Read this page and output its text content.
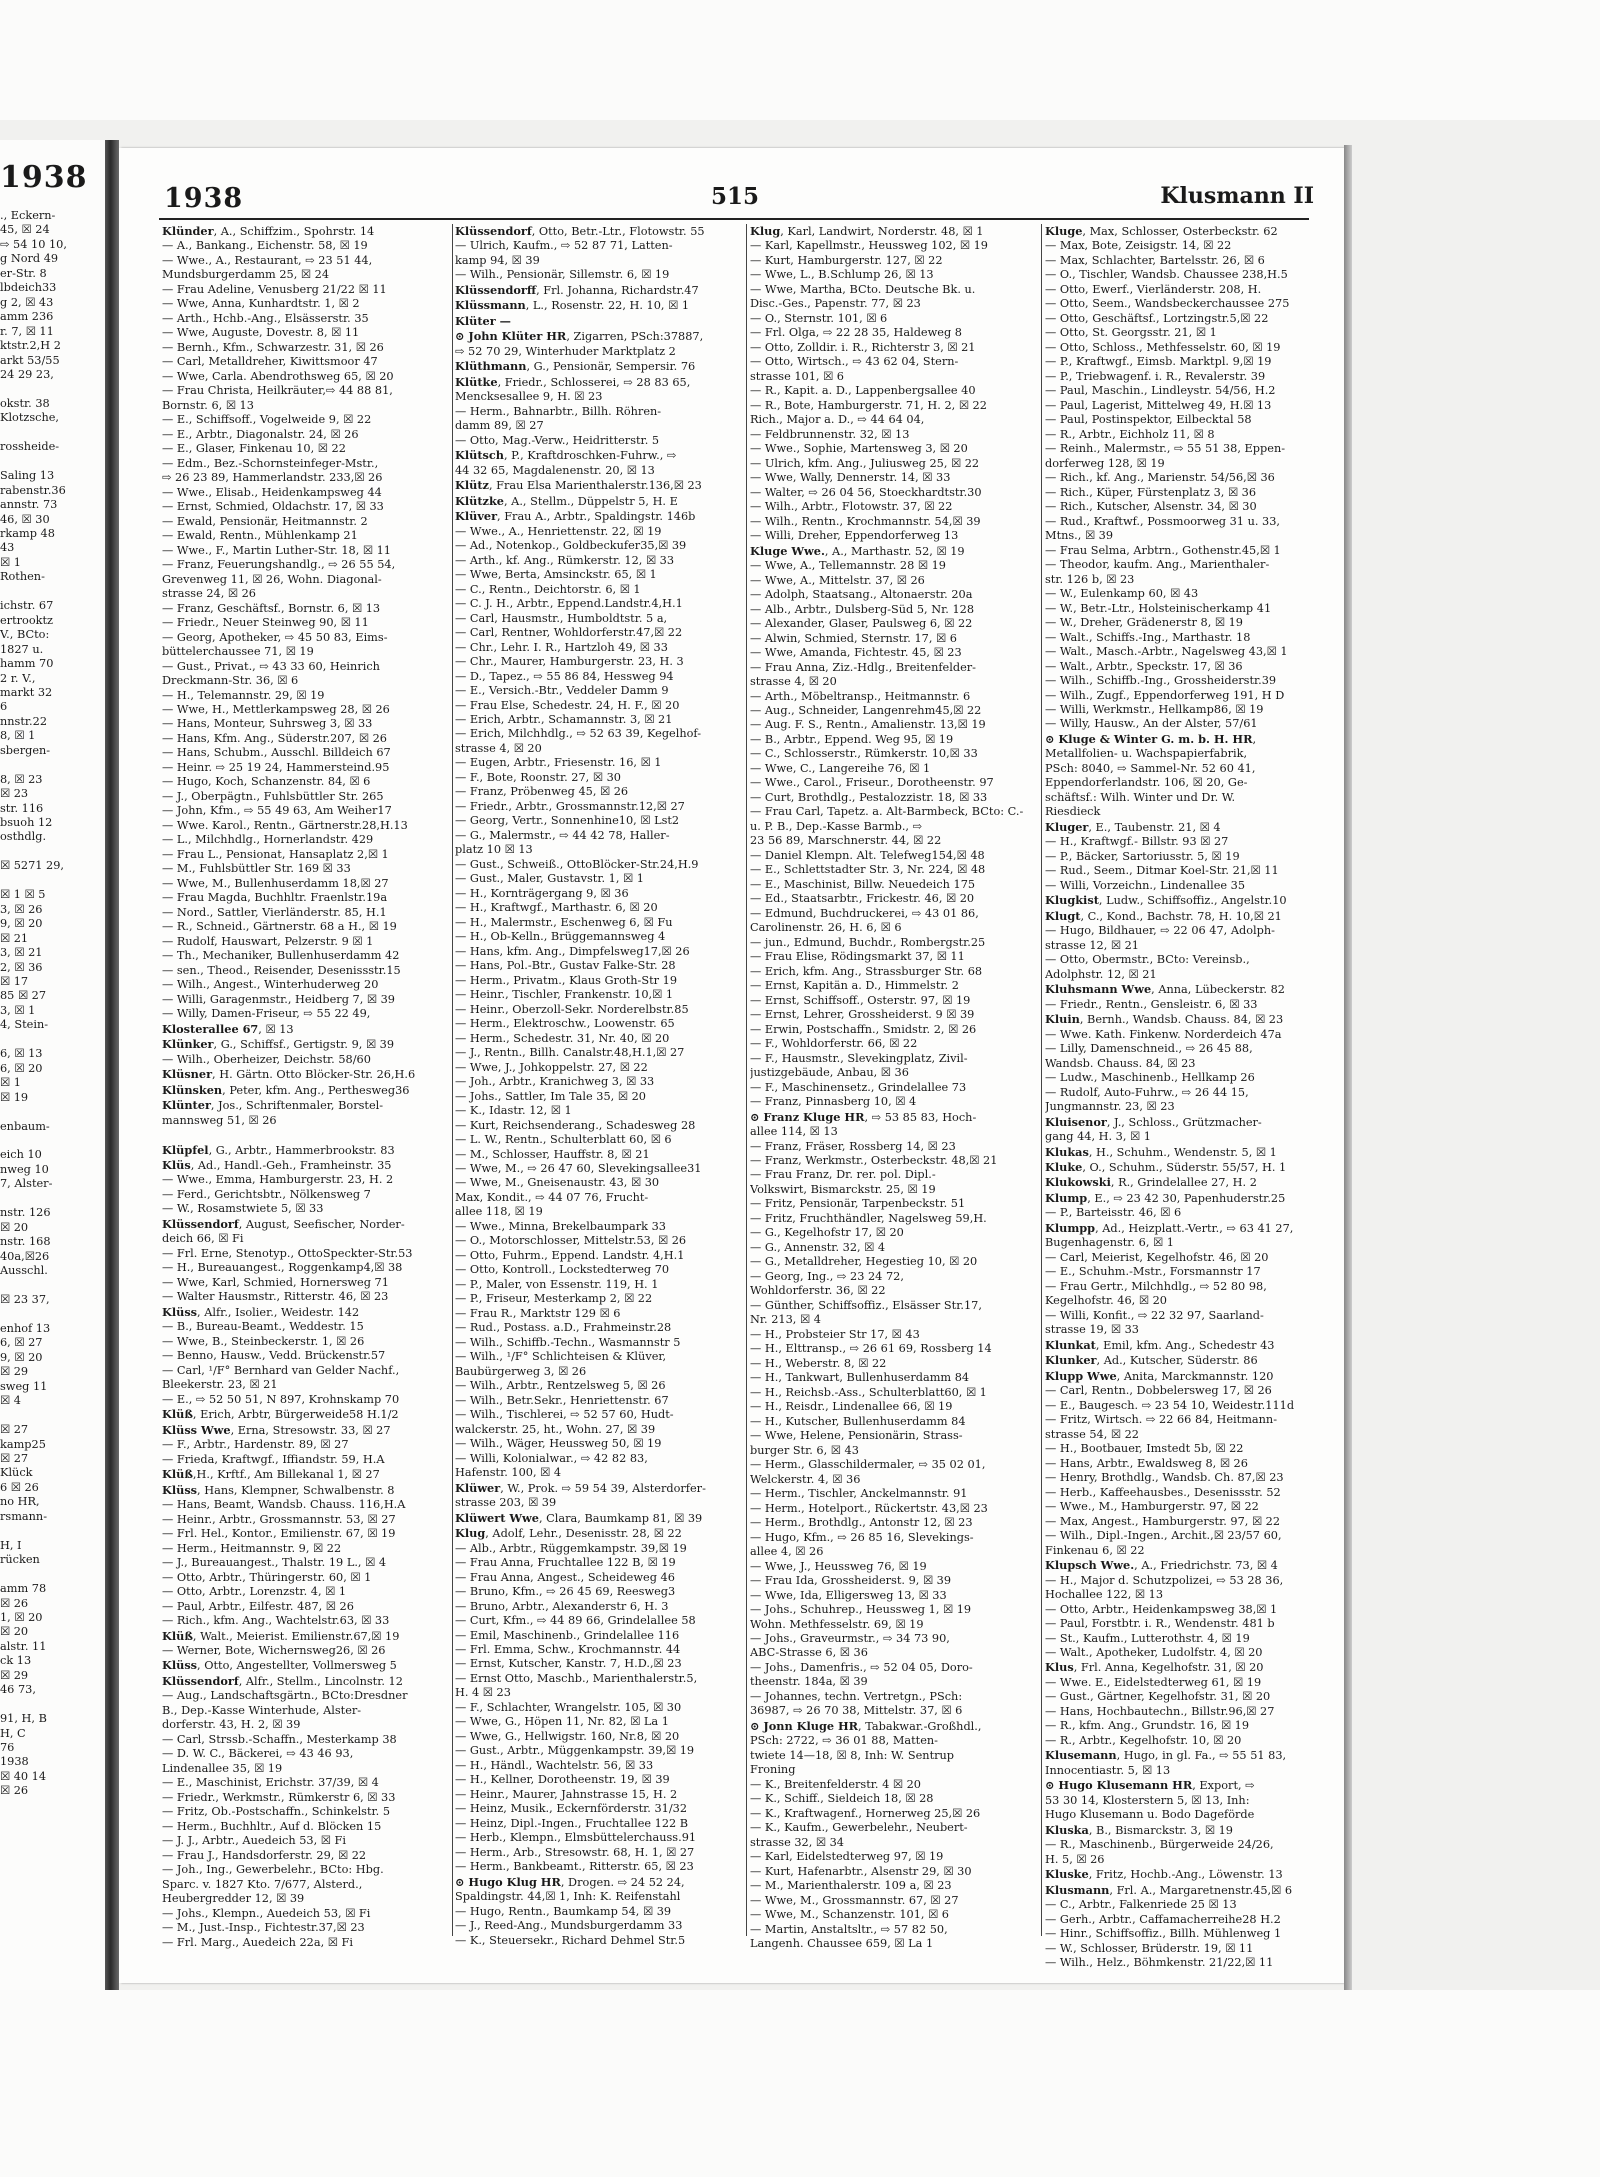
1938
., Eckern-
45, ☒ 24
⇨ 54 10 10,
g Nord 49
er-Str. 8
lbdeich33
g 2, ☒ 43
amm 236
r. 7, ☒ 11
ktstr.2,H 2
arkt 53/55
24 29 23,

okstr. 38
Klotzsche,

rossheide-

Saling 13
rabenstr.36
annstr. 73
46, ☒ 30
rkamp 48
43
☒ 1
Rothen-

ichstr. 67
ertrooktz
V., BCto:
1827 u.
hamm 70
2 r. V.,
markt 32
6
nnstr.22
8, ☒ 1
sbergen-

8, ☒ 23
☒ 23
str. 116
bsuoh 12
osthdlg.

☒ 5271 29,

☒ 1 ☒ 5
3, ☒ 26
9, ☒ 20
☒ 21
3, ☒ 21
2, ☒ 36
☒ 17
85 ☒ 27
3, ☒ 1
4, Stein-

6, ☒ 13
6, ☒ 20
☒ 1
☒ 19

enbaum-

eich 10
nweg 10
7, Alster-

nstr. 126
☒ 20
nstr. 168
40a,☒26
Ausschl.

☒ 23 37,

enhof 13
6, ☒ 27
9, ☒ 20
☒ 29
sweg 11
☒ 4

☒ 27
kamp25
☒ 27
Klück
6 ☒ 26
no HR,
rsmann-

H, I
rücken

amm 78
☒ 26
1, ☒ 20
☒ 20
alstr. 11
ck 13
☒ 29
46 73,

91, H, B
H, C
76
1938
☒ 40 14
☒ 26
1938	515	Klusmann II
Klünder, A., Schiffzim., Spohrstr. 14
— A., Bankang., Eichenstr. 58, ☒ 19
— Wwe., A., Restaurant, ⇨ 23 51 44,
Mundsburgerdamm 25, ☒ 24
— Frau Adeline, Venusberg 21/22 ☒ 11
— Wwe, Anna, Kunhardtstr. 1, ☒ 2
— Arth., Hchb.-Ang., Elsässerstr. 35
— Wwe, Auguste, Dovestr. 8, ☒ 11
— Bernh., Kfm., Schwarzestr. 31, ☒ 26
— Carl, Metalldreher, Kiwittsmoor 47
— Wwe, Carla. Abendrothsweg 65, ☒ 20
— Frau Christa, Heilkräuter,⇨ 44 88 81,
Bornstr. 6, ☒ 13
— E., Schiffsoff., Vogelweide 9, ☒ 22
— E., Arbtr., Diagonalstr. 24, ☒ 26
— E., Glaser, Finkenau 10, ☒ 22
— Edm., Bez.-Schornsteinfeger-Mstr.,
⇨ 26 23 89, Hammerlandstr. 233,☒ 26
— Wwe., Elisab., Heidenkampsweg 44
— Ernst, Schmied, Oldachstr. 17, ☒ 33
— Ewald, Pensionär, Heitmannstr. 2
— Ewald, Rentn., Mühlenkamp 21
— Wwe., F., Martin Luther-Str. 18, ☒ 11
— Franz, Feuerungshandlg., ⇨ 26 55 54,
Grevenweg 11, ☒ 26, Wohn. Diagonal-
strasse 24, ☒ 26
— Franz, Geschäftsf., Bornstr. 6, ☒ 13
— Friedr., Neuer Steinweg 90, ☒ 11
— Georg, Apotheker, ⇨ 45 50 83, Eims-
büttelerchaussee 71, ☒ 19
— Gust., Privat., ⇨ 43 33 60, Heinrich
Dreckmann-Str. 36, ☒ 6
— H., Telemannstr. 29, ☒ 19
— Wwe, H., Mettlerkampsweg 28, ☒ 26
— Hans, Monteur, Suhrsweg 3, ☒ 33
— Hans, Kfm. Ang., Süderstr.207, ☒ 26
— Hans, Schubm., Ausschl. Billdeich 67
— Heinr. ⇨ 25 19 24, Hammersteind.95
— Hugo, Koch, Schanzenstr. 84, ☒ 6
— J., Oberpägtn., Fuhlsbüttler Str. 265
— John, Kfm., ⇨ 55 49 63, Am Weiher17
— Wwe. Karol., Rentn., Gärtnerstr.28,H.13
— L., Milchhdlg., Hornerlandstr. 429
— Frau L., Pensionat, Hansaplatz 2,☒ 1
— M., Fuhlsbüttler Str. 169 ☒ 33
— Wwe, M., Bullenhuserdamm 18,☒ 27
— Frau Magda, Buchhltr. Fraenlstr.19a
— Nord., Sattler, Vierländerstr. 85, H.1
— R., Schneid., Gärtnerstr. 68 a H., ☒ 19
— Rudolf, Hauswart, Pelzerstr. 9 ☒ 1
— Th., Mechaniker, Bullenhuserdamm 42
— sen., Theod., Reisender, Desenissstr.15
— Wilh., Angest., Winterhuderweg 20
— Willi, Garagenmstr., Heidberg 7, ☒ 39
— Willy, Damen-Friseur, ⇨ 55 22 49,
Klosterallee 67, ☒ 13
Klünker, G., Schiffsf., Gertigstr. 9, ☒ 39
— Wilh., Oberheizer, Deichstr. 58/60
Klüsner, H. Gärtn. Otto Blöcker-Str. 26,H.6
Klünsken, Peter, kfm. Ang., Perthesweg36
Klünter, Jos., Schriftenmaler, Borstel-
mannsweg 51, ☒ 26

Klüpfel, G., Arbtr., Hammerbrookstr. 83
Klüs, Ad., Handl.-Geh., Framheinstr. 35
— Wwe., Emma, Hamburgerstr. 23, H. 2
— Ferd., Gerichtsbtr., Nölkensweg 7
— W., Rosamstwiete 5, ☒ 33
Klüssendorf, August, Seefischer, Norder-
deich 66, ☒ Fi
— Frl. Erne, Stenotyp., OttoSpeckter-Str.53
— H., Bureauangest., Roggenkamp4,☒ 38
— Wwe, Karl, Schmied, Hornersweg 71
— Walter Hausmstr., Ritterstr. 46, ☒ 23
Klüss, Alfr., Isolier., Weidestr. 142
— B., Bureau-Beamt., Weddestr. 15
— Wwe, B., Steinbeckerstr. 1, ☒ 26
— Benno, Hausw., Vedd. Brückenstr.57
— Carl, ¹/F° Bernhard van Gelder Nachf.,
Bleekerstr. 23, ☒ 21
— E., ⇨ 52 50 51, N 897, Krohnskamp 70
Klüß, Erich, Arbtr, Bürgerweide58 H.1/2
Klüss Wwe, Erna, Stresowstr. 33, ☒ 27
— F., Arbtr., Hardenstr. 89, ☒ 27
— Frieda, Kraftwgf., Iffiandstr. 59, H.A
Klüß,H., Krftf., Am Billekanal 1, ☒ 27
Klüss, Hans, Klempner, Schwalbenstr. 8
— Hans, Beamt, Wandsb. Chauss. 116,H.A
— Heinr., Arbtr., Grossmannstr. 53, ☒ 27
— Frl. Hel., Kontor., Emilienstr. 67, ☒ 19
— Herm., Heitmannstr. 9, ☒ 22
— J., Bureauangest., Thalstr. 19 L., ☒ 4
— Otto, Arbtr., Thüringerstr. 60, ☒ 1
— Otto, Arbtr., Lorenzstr. 4, ☒ 1
— Paul, Arbtr., Eilfestr. 487, ☒ 26
— Rich., kfm. Ang., Wachtelstr.63, ☒ 33
Klüß, Walt., Meierist. Emilienstr.67,☒ 19
— Werner, Bote, Wichernsweg26, ☒ 26
Klüss, Otto, Angestellter, Vollmersweg 5
Klüssendorf, Alfr., Stellm., Lincolnstr. 12
— Aug., Landschaftsgärtn., BCto:Dresdner
B., Dep.-Kasse Winterhude, Alster-
dorferstr. 43, H. 2, ☒ 39
— Carl, Strssb.-Schaffn., Mesterkamp 38
— D. W. C., Bäckerei, ⇨ 43 46 93,
Lindenallee 35, ☒ 19
— E., Maschinist, Erichstr. 37/39, ☒ 4
— Friedr., Werkmstr., Rümkerstr 6, ☒ 33
— Fritz, Ob.-Postschaffn., Schinkelstr. 5
— Herm., Buchhltr., Auf d. Blöcken 15
— J. J., Arbtr., Auedeich 53, ☒ Fi
— Frau J., Handsdorferstr. 29, ☒ 22
— Joh., Ing., Gewerbelehr., BCto: Hbg.
Sparc. v. 1827 Kto. 7/677, Alsterd.,
Heubergredder 12, ☒ 39
— Johs., Klempn., Auedeich 53, ☒ Fi
— M., Just.-Insp., Fichtestr.37,☒ 23
— Frl. Marg., Auedeich 22a, ☒ Fi
Klüssendorf, Otto, Betr.-Ltr., Flotowstr. 55
— Ulrich, Kaufm., ⇨ 52 87 71, Latten-
kamp 94, ☒ 39
— Wilh., Pensionär, Sillemstr. 6, ☒ 19
Klüssendorff, Frl. Johanna, Richardstr.47
Klüssmann, L., Rosenstr. 22, H. 10, ☒ 1
Klüter —
⊙ John Klüter HR, Zigarren, PSch:37887,
⇨ 52 70 29, Winterhuder Marktplatz 2
Klüthmann, G., Pensionär, Sempersir. 76
Klütke, Friedr., Schlosserei, ⇨ 28 83 65,
Mencksesallee 9, H. ☒ 23
— Herm., Bahnarbtr., Billh. Röhren-
damm 89, ☒ 27
— Otto, Mag.-Verw., Heidritterstr. 5
Klütsch, P., Kraftdroschken-Fuhrw., ⇨
44 32 65, Magdalenenstr. 20, ☒ 13
Klütz, Frau Elsa Marienthalerstr.136,☒ 23
Klützke, A., Stellm., Düppelstr 5, H. E
Klüver, Frau A., Arbtr., Spaldingstr. 146b
— Wwe., A., Henriettenstr. 22, ☒ 19
— Ad., Notenkop., Goldbeckufer35,☒ 39
— Arth., kf. Ang., Rümkerstr. 12, ☒ 33
— Wwe, Berta, Amsinckstr. 65, ☒ 1
— C., Rentn., Deichtorstr. 6, ☒ 1
— C. J. H., Arbtr., Eppend.Landstr.4,H.1
— Carl, Hausmstr., Humboldtstr. 5 a,
— Carl, Rentner, Wohldorferstr.47,☒ 22
— Chr., Lehr. I. R., Hartzloh 49, ☒ 33
— Chr., Maurer, Hamburgerstr. 23, H. 3
— D., Tapez., ⇨ 55 86 84, Hessweg 94
— E., Versich.-Btr., Veddeler Damm 9
— Frau Else, Schedestr. 24, H. F., ☒ 20
— Erich, Arbtr., Schamannstr. 3, ☒ 21
— Erich, Milchhdlg., ⇨ 52 63 39, Kegelhof-
strasse 4, ☒ 20
— Eugen, Arbtr., Friesenstr. 16, ☒ 1
— F., Bote, Roonstr. 27, ☒ 30
— Franz, Pröbenweg 45, ☒ 26
— Friedr., Arbtr., Grossmannstr.12,☒ 27
— Georg, Vertr., Sonnenhine10, ☒ Lst2
— G., Malermstr., ⇨ 44 42 78, Haller-
platz 10 ☒ 13
— Gust., Schweiß., OttoBlöcker-Str.24,H.9
— Gust., Maler, Gustavstr. 1, ☒ 1
— H., Kornträgergang 9, ☒ 36
— H., Kraftwgf., Marthastr. 6, ☒ 20
— H., Malermstr., Eschenweg 6, ☒ Fu
— H., Ob-Kelln., Brüggemannsweg 4
— Hans, kfm. Ang., Dimpfelsweg17,☒ 26
— Hans, Pol.-Btr., Gustav Falke-Str. 28
— Herm., Privatm., Klaus Groth-Str 19
— Heinr., Tischler, Frankenstr. 10,☒ 1
— Heinr., Oberzoll-Sekr. Norderelbstr.85
— Herm., Elektroschw., Loowenstr. 65
— Herm., Schedestr. 31, Nr. 40, ☒ 20
— J., Rentn., Billh. Canalstr.48,H.1,☒ 27
— Wwe, J., Johkoppelstr. 27, ☒ 22
— Joh., Arbtr., Kranichweg 3, ☒ 33
— Johs., Sattler, Im Tale 35, ☒ 20
— K., Idastr. 12, ☒ 1
— Kurt, Reichsenderang., Schadesweg 28
— L. W., Rentn., Schulterblatt 60, ☒ 6
— M., Schlosser, Hauffstr. 8, ☒ 21
— Wwe, M., ⇨ 26 47 60, Slevekingsallee31
— Wwe, M., Gneisenaustr. 43, ☒ 30
Max, Kondit., ⇨ 44 07 76, Frucht-
allee 118, ☒ 19
— Wwe., Minna, Brekelbaumpark 33
— O., Motorschlosser, Mittelstr.53, ☒ 26
— Otto, Fuhrm., Eppend. Landstr. 4,H.1
— Otto, Kontroll., Lockstedterweg 70
— P., Maler, von Essenstr. 119, H. 1
— P., Friseur, Mesterkamp 2, ☒ 22
— Frau R., Marktstr 129 ☒ 6
— Rud., Postass. a.D., Frahmeinstr.28
— Wilh., Schiffb.-Techn., Wasmannstr 5
— Wilh., ¹/F° Schlichteisen & Klüver,
Baubürgerweg 3, ☒ 26
— Wilh., Arbtr., Rentzelsweg 5, ☒ 26
— Wilh., Betr.Sekr., Henriettenstr. 67
— Wilh., Tischlerei, ⇨ 52 57 60, Hudt-
walckerstr. 25, ht., Wohn. 27, ☒ 39
— Wilh., Wäger, Heussweg 50, ☒ 19
— Willi, Kolonialwar., ⇨ 42 82 83,
Hafenstr. 100, ☒ 4
Klüwer, W., Prok. ⇨ 59 54 39, Alsterdorfer-
strasse 203, ☒ 39
Klüwert Wwe, Clara, Baumkamp 81, ☒ 39
Klug, Adolf, Lehr., Desenisstr. 28, ☒ 22
— Alb., Arbtr., Rüggemkampstr. 39,☒ 19
— Frau Anna, Fruchtallee 122 B, ☒ 19
— Frau Anna, Angest., Scheideweg 46
— Bruno, Kfm., ⇨ 26 45 69, Reesweg3
— Bruno, Arbtr., Alexanderstr 6, H. 3
— Curt, Kfm., ⇨ 44 89 66, Grindelallee 58
— Emil, Maschinenb., Grindelallee 116
— Frl. Emma, Schw., Krochmannstr. 44
— Ernst, Kutscher, Kanstr. 7, H.D.,☒ 23
— Ernst Otto, Maschb., Marienthalerstr.5,
H. 4 ☒ 23
— F., Schlachter, Wrangelstr. 105, ☒ 30
— Wwe, G., Höpen 11, Nr. 82, ☒ La 1
— Wwe, G., Hellwigstr. 160, Nr.8, ☒ 20
— Gust., Arbtr., Müggenkampstr. 39,☒ 19
— H., Händl., Wachtelstr. 56, ☒ 33
— H., Kellner, Dorotheenstr. 19, ☒ 39
— Heinr., Maurer, Jahnstrasse 15, H. 2
— Heinz, Musik., Eckernförderstr. 31/32
— Heinz, Dipl.-Ingen., Fruchtallee 122 B
— Herb., Klempn., Elmsbüttelerchauss.91
— Herm., Arb., Stresowstr. 68, H. 1, ☒ 27
— Herm., Bankbeamt., Ritterstr. 65, ☒ 23
⊙ Hugo Klug HR, Drogen. ⇨ 24 52 24,
Spaldingstr. 44,☒ 1, Inh: K. Reifenstahl
— Hugo, Rentn., Baumkamp 54, ☒ 39
— J., Reed-Ang., Mundsburgerdamm 33
— K., Steuersekr., Richard Dehmel Str.5
Klug, Karl, Landwirt, Norderstr. 48, ☒ 1
— Karl, Kapellmstr., Heussweg 102, ☒ 19
— Kurt, Hamburgerstr. 127, ☒ 22
— Wwe, L., B.Schlump 26, ☒ 13
— Wwe, Martha, BCto. Deutsche Bk. u.
Disc.-Ges., Papenstr. 77, ☒ 23
— O., Sternstr. 101, ☒ 6
— Frl. Olga, ⇨ 22 28 35, Haldeweg 8
— Otto, Zolldir. i. R., Richterstr 3, ☒ 21
— Otto, Wirtsch., ⇨ 43 62 04, Stern-
strasse 101, ☒ 6
— R., Kapit. a. D., Lappenbergsallee 40
— R., Bote, Hamburgerstr. 71, H. 2, ☒ 22
Rich., Major a. D., ⇨ 44 64 04,
— Feldbrunnenstr. 32, ☒ 13
— Wwe., Sophie, Martensweg 3, ☒ 20
— Ulrich, kfm. Ang., Juliusweg 25, ☒ 22
— Wwe, Wally, Dennerstr. 14, ☒ 33
— Walter, ⇨ 26 04 56, Stoeckhardtstr.30
— Wilh., Arbtr., Flotowstr. 37, ☒ 22
— Wilh., Rentn., Krochmannstr. 54,☒ 39
— Willi, Dreher, Eppendorferweg 13
Kluge Wwe., A., Marthastr. 52, ☒ 19
— Wwe, A., Tellemannstr. 28 ☒ 19
— Wwe, A., Mittelstr. 37, ☒ 26
— Adolph, Staatsang., Altonaerstr. 20a
— Alb., Arbtr., Dulsberg-Süd 5, Nr. 128
— Alexander, Glaser, Paulsweg 6, ☒ 22
— Alwin, Schmied, Sternstr. 17, ☒ 6
— Wwe, Amanda, Fichtestr. 45, ☒ 23
— Frau Anna, Ziz.-Hdlg., Breitenfelder-
strasse 4, ☒ 20
— Arth., Möbeltransp., Heitmannstr. 6
— Aug., Schneider, Langenrehm45,☒ 22
— Aug. F. S., Rentn., Amalienstr. 13,☒ 19
— B., Arbtr., Eppend. Weg 95, ☒ 19
— C., Schlosserstr., Rümkerstr. 10,☒ 33
— Wwe, C., Langereihe 76, ☒ 1
— Wwe., Carol., Friseur., Dorotheenstr. 97
— Curt, Brothdlg., Pestalozzistr. 18, ☒ 33
— Frau Carl, Tapetz. a. Alt-Barmbeck, BCto: C.-
u. P. B., Dep.-Kasse Barmb., ⇨
23 56 89, Marschnerstr. 44, ☒ 22
— Daniel Klempn. Alt. Telefweg154,☒ 48
— E., Schlettstadter Str. 3, Nr. 224, ☒ 48
— E., Maschinist, Billw. Neuedeich 175
— Ed., Staatsarbtr., Frickestr. 46, ☒ 20
— Edmund, Buchdruckerei, ⇨ 43 01 86,
Carolinenstr. 26, H. 6, ☒ 6
— jun., Edmund, Buchdr., Rombergstr.25
— Frau Elise, Rödingsmarkt 37, ☒ 11
— Erich, kfm. Ang., Strassburger Str. 68
— Ernst, Kapitän a. D., Himmelstr. 2
— Ernst, Schiffsoff., Osterstr. 97, ☒ 19
— Ernst, Lehrer, Grossheiderst. 9 ☒ 39
— Erwin, Postschaffn., Smidstr. 2, ☒ 26
— F., Wohldorferstr. 66, ☒ 22
— F., Hausmstr., Slevekingplatz, Zivil-
justizgebäude, Anbau, ☒ 36
— F., Maschinensetz., Grindelallee 73
— Franz, Pinnasberg 10, ☒ 4
⊙ Franz Kluge HR, ⇨ 53 85 83, Hoch-
allee 114, ☒ 13
— Franz, Fräser, Rossberg 14, ☒ 23
— Franz, Werkmstr., Osterbeckstr. 48,☒ 21
— Frau Franz, Dr. rer. pol. Dipl.-
Volkswirt, Bismarckstr. 25, ☒ 19
— Fritz, Pensionär, Tarpenbeckstr. 51
— Fritz, Fruchthändler, Nagelsweg 59,H.
— G., Kegelhofstr 17, ☒ 20
— G., Annenstr. 32, ☒ 4
— G., Metalldreher, Hegestieg 10, ☒ 20
— Georg, Ing., ⇨ 23 24 72,
Wohldorferstr. 36, ☒ 22
— Günther, Schiffsoffiz., Elsässer Str.17,
Nr. 213, ☒ 4
— H., Probsteier Str 17, ☒ 43
— H., Elttransp., ⇨ 26 61 69, Rossberg 14
— H., Weberstr. 8, ☒ 22
— H., Tankwart, Bullenhuserdamm 84
— H., Reichsb.-Ass., Schulterblatt60, ☒ 1
— H., Reisdr., Lindenallee 66, ☒ 19
— H., Kutscher, Bullenhuserdamm 84
— Wwe, Helene, Pensionärin, Strass-
burger Str. 6, ☒ 43
— Herm., Glasschildermaler, ⇨ 35 02 01,
Welckerstr. 4, ☒ 36
— Herm., Tischler, Anckelmannstr. 91
— Herm., Hotelport., Rückertstr. 43,☒ 23
— Herm., Brothdlg., Antonstr 12, ☒ 23
— Hugo, Kfm., ⇨ 26 85 16, Slevekings-
allee 4, ☒ 26
— Wwe, J., Heussweg 76, ☒ 19
— Frau Ida, Grossheiderst. 9, ☒ 39
— Wwe, Ida, Elligersweg 13, ☒ 33
— Johs., Schuhrep., Heussweg 1, ☒ 19
Wohn. Methfesselstr. 69, ☒ 19
— Johs., Graveurmstr., ⇨ 34 73 90,
ABC-Strasse 6, ☒ 36
— Johs., Damenfris., ⇨ 52 04 05, Doro-
theenstr. 184a, ☒ 39
— Johannes, techn. Vertretgn., PSch:
36987, ⇨ 26 70 38, Mittelstr. 37, ☒ 6
⊙ Jonn Kluge HR, Tabakwar.-Großhdl.,
PSch: 2722, ⇨ 36 01 88, Matten-
twiete 14—18, ☒ 8, Inh: W. Sentrup
Froning
— K., Breitenfelderstr. 4 ☒ 20
— K., Schiff., Sieldeich 18, ☒ 28
— K., Kraftwagenf., Hornerweg 25,☒ 26
— K., Kaufm., Gewerbelehr., Neubert-
strasse 32, ☒ 34
— Karl, Eidelstedterweg 97, ☒ 19
— Kurt, Hafenarbtr., Alsenstr 29, ☒ 30
— M., Marienthalerstr. 109 a, ☒ 23
— Wwe, M., Grossmannstr. 67, ☒ 27
— Wwe, M., Schanzenstr. 101, ☒ 6
— Martin, Anstaltsltr., ⇨ 57 82 50,
Langenh. Chaussee 659, ☒ La 1
Kluge, Max, Schlosser, Osterbeckstr. 62
— Max, Bote, Zeisigstr. 14, ☒ 22
— Max, Schlachter, Bartelsstr. 26, ☒ 6
— O., Tischler, Wandsb. Chaussee 238,H.5
— Otto, Ewerf., Vierländerstr. 208, H.
— Otto, Seem., Wandsbeckerchaussee 275
— Otto, Geschäftsf., Lortzingstr.5,☒ 22
— Otto, St. Georgsstr. 21, ☒ 1
— Otto, Schloss., Methfesselstr. 60, ☒ 19
— P., Kraftwgf., Eimsb. Marktpl. 9,☒ 19
— P., Triebwagenf. i. R., Revalerstr. 39
— Paul, Maschin., Lindleystr. 54/56, H.2
— Paul, Lagerist, Mittelweg 49, H.☒ 13
— Paul, Postinspektor, Eilbecktal 58
— R., Arbtr., Eichholz 11, ☒ 8
— Reinh., Malermstr., ⇨ 55 51 38, Eppen-
dorferweg 128, ☒ 19
— Rich., kf. Ang., Marienstr. 54/56,☒ 36
— Rich., Küper, Fürstenplatz 3, ☒ 36
— Rich., Kutscher, Alsenstr. 34, ☒ 30
— Rud., Kraftwf., Possmoorweg 31 u. 33,
Mtns., ☒ 39
— Frau Selma, Arbtrn., Gothenstr.45,☒ 1
— Theodor, kaufm. Ang., Marienthaler-
str. 126 b, ☒ 23
— W., Eulenkamp 60, ☒ 43
— W., Betr.-Ltr., Holsteinischerkamp 41
— W., Dreher, Grädenerstr 8, ☒ 19
— Walt., Schiffs.-Ing., Marthastr. 18
— Walt., Masch.-Arbtr., Nagelsweg 43,☒ 1
— Walt., Arbtr., Speckstr. 17, ☒ 36
— Wilh., Schiffb.-Ing., Grossheiderstr.39
— Wilh., Zugf., Eppendorferweg 191, H D
— Willi, Werkmstr., Hellkamp86, ☒ 19
— Willy, Hausw., An der Alster, 57/61
⊙ Kluge & Winter G. m. b. H. HR,
Metallfolien- u. Wachspapierfabrik,
PSch: 8040, ⇨ Sammel-Nr. 52 60 41,
Eppendorferlandstr. 106, ☒ 20, Ge-
schäftsf.: Wilh. Winter und Dr. W.
Riesdieck
Kluger, E., Taubenstr. 21, ☒ 4
— H., Kraftwgf.- Billstr. 93 ☒ 27
— P., Bäcker, Sartoriusstr. 5, ☒ 19
— Rud., Seem., Ditmar Koel-Str. 21,☒ 11
— Willi, Vorzeichn., Lindenallee 35
Klugkist, Ludw., Schiffsoffiz., Angelstr.10
Klugt, C., Kond., Bachstr. 78, H. 10,☒ 21
— Hugo, Bildhauer, ⇨ 22 06 47, Adolph-
strasse 12, ☒ 21
— Otto, Obermstr., BCto: Vereinsb.,
Adolphstr. 12, ☒ 21
Kluhsmann Wwe, Anna, Lübeckerstr. 82
— Friedr., Rentn., Gensleistr. 6, ☒ 33
Kluin, Bernh., Wandsb. Chauss. 84, ☒ 23
— Wwe. Kath. Finkenw. Norderdeich 47a
— Lilly, Damenschneid., ⇨ 26 45 88,
Wandsb. Chauss. 84, ☒ 23
— Ludw., Maschinenb., Hellkamp 26
— Rudolf, Auto-Fuhrw., ⇨ 26 44 15,
Jungmannstr. 23, ☒ 23
Kluisenor, J., Schloss., Grützmacher-
gang 44, H. 3, ☒ 1
Klukas, H., Schuhm., Wendenstr. 5, ☒ 1
Kluke, O., Schuhm., Süderstr. 55/57, H. 1
Klukowski, R., Grindelallee 27, H. 2
Klump, E., ⇨ 23 42 30, Papenhuderstr.25
— P., Barteisstr. 46, ☒ 6
Klumpp, Ad., Heizplatt.-Vertr., ⇨ 63 41 27,
Bugenhagenstr. 6, ☒ 1
— Carl, Meierist, Kegelhofstr. 46, ☒ 20
— E., Schuhm.-Mstr., Forsmannstr 17
— Frau Gertr., Milchhdlg., ⇨ 52 80 98,
Kegelhofstr. 46, ☒ 20
— Willi, Konfit., ⇨ 22 32 97, Saarland-
strasse 19, ☒ 33
Klunkat, Emil, kfm. Ang., Schedestr 43
Klunker, Ad., Kutscher, Süderstr. 86
Klupp Wwe, Anita, Marckmannstr. 120
— Carl, Rentn., Dobbelersweg 17, ☒ 26
— E., Baugesch. ⇨ 23 54 10, Weidestr.111d
— Fritz, Wirtsch. ⇨ 22 66 84, Heitmann-
strasse 54, ☒ 22
— H., Bootbauer, Imstedt 5b, ☒ 22
— Hans, Arbtr., Ewaldsweg 8, ☒ 26
— Henry, Brothdlg., Wandsb. Ch. 87,☒ 23
— Herb., Kaffeehausbes., Desenissstr. 52
— Wwe., M., Hamburgerstr. 97, ☒ 22
— Max, Angest., Hamburgerstr. 97, ☒ 22
— Wilh., Dipl.-Ingen., Archit.,☒ 23/57 60,
Finkenau 6, ☒ 22
Klupsch Wwe., A., Friedrichstr. 73, ☒ 4
— H., Major d. Schutzpolizei, ⇨ 53 28 36,
Hochallee 122, ☒ 13
— Otto, Arbtr., Heidenkampsweg 38,☒ 1
— Paul, Forstbtr. i. R., Wendenstr. 481 b
— St., Kaufm., Lutterothstr. 4, ☒ 19
— Walt., Apotheker, Ludolfstr. 4, ☒ 20
Klus, Frl. Anna, Kegelhofstr. 31, ☒ 20
— Wwe. E., Eidelstedterweg 61, ☒ 19
— Gust., Gärtner, Kegelhofstr. 31, ☒ 20
— Hans, Hochbautechn., Billstr.96,☒ 27
— R., kfm. Ang., Grundstr. 16, ☒ 19
— R., Arbtr., Kegelhofstr. 10, ☒ 20
Klusemann, Hugo, in gl. Fa., ⇨ 55 51 83,
Innocentiastr. 5, ☒ 13
⊙ Hugo Klusemann HR, Export, ⇨
53 30 14, Klosterstern 5, ☒ 13, Inh:
Hugo Klusemann u. Bodo Dageförde
Kluska, B., Bismarckstr. 3, ☒ 19
— R., Maschinenb., Bürgerweide 24/26,
H. 5, ☒ 26
Kluske, Fritz, Hochb.-Ang., Löwenstr. 13
Klusmann, Frl. A., Margaretnenstr.45,☒ 6
— C., Arbtr., Falkenriede 25 ☒ 13
— Gerh., Arbtr., Caffamacherreihe28 H.2
— Hinr., Schiffsoffiz., Billh. Mühlenweg 1
— W., Schlosser, Brüderstr. 19, ☒ 11
— Wilh., Helz., Böhmkenstr. 21/22,☒ 11
